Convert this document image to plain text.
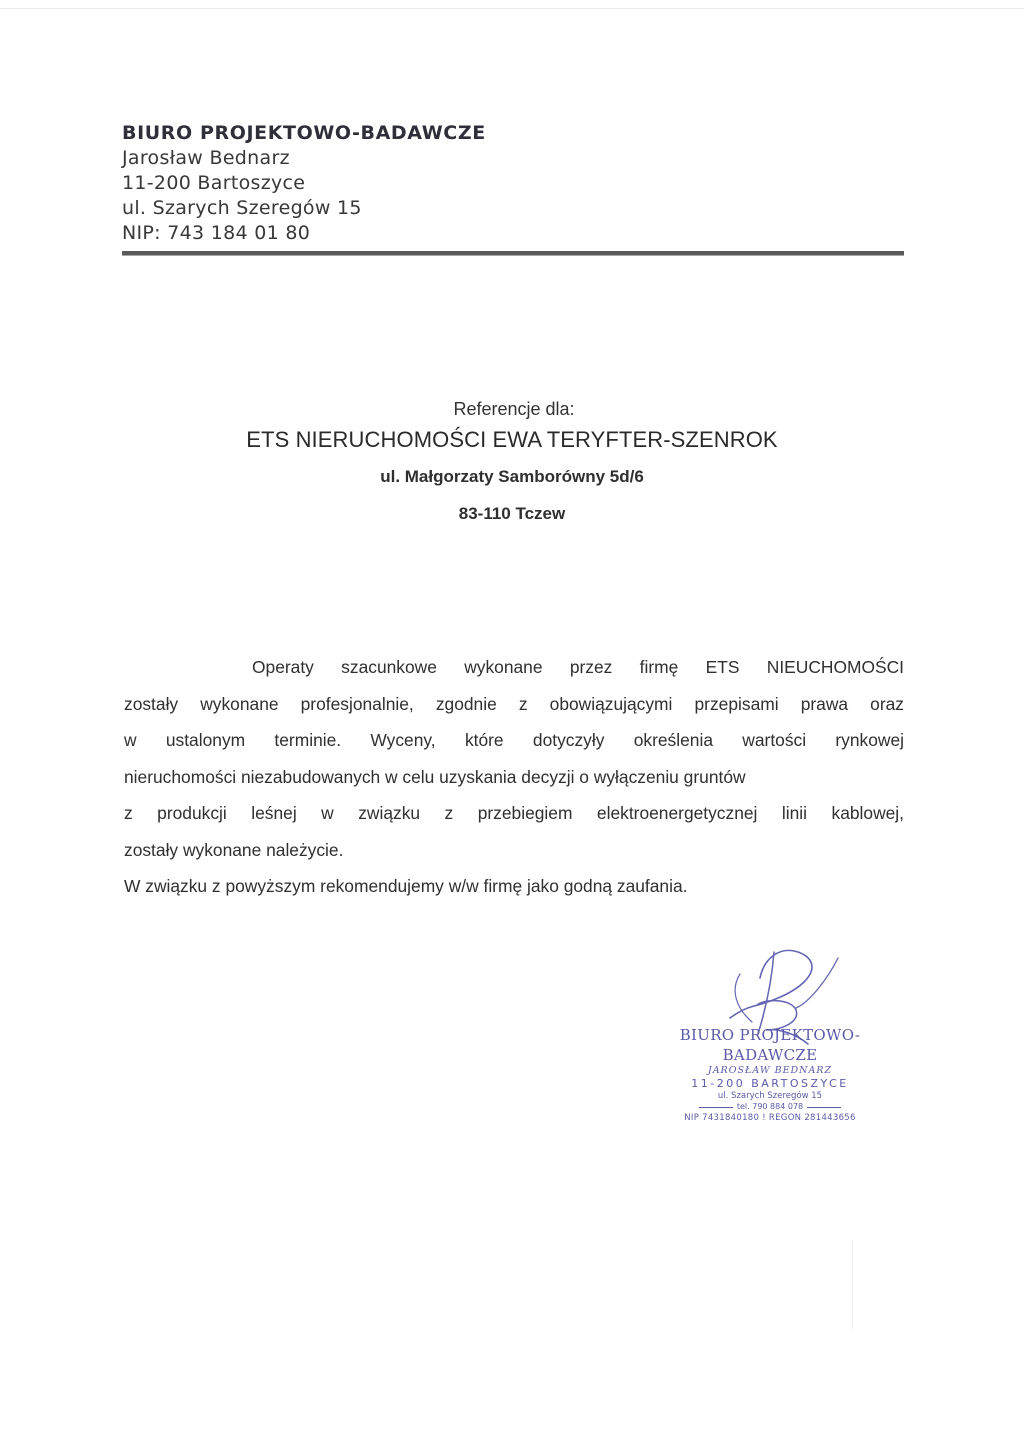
BIURO PROJEKTOWO-BADAWCZE
Jarosław Bednarz
11-200 Bartoszyce
ul. Szarych Szeregów 15
NIP: 743 184 01 80
Referencje dla:
ETS NIERUCHOMOŚCI EWA TERYFTER-SZENROK
ul. Małgorzaty Samborówny 5d/6
83-110 Tczew
Operaty szacunkowe wykonane przez firmę ETS NIEUCHOMOŚCI
zostały wykonane profesjonalnie, zgodnie z obowiązującymi przepisami prawa oraz
w ustalonym terminie. Wyceny, które dotyczyły określenia wartości rynkowej
nieruchomości niezabudowanych w celu uzyskania decyzji o wyłączeniu gruntów
z produkcji leśnej w związku z przebiegiem elektroenergetycznej linii kablowej,
zostały wykonane należycie.
W związku z powyższym rekomendujemy w/w firmę jako godną zaufania.
BIURO PROJEKTOWO-BADAWCZE
JAROSŁAW BEDNARZ
11-200 BARTOSZYCE
ul. Szarych Szeregów 15
tel. 790 884 078
NIP 7431840180 ! REGON 281443656
